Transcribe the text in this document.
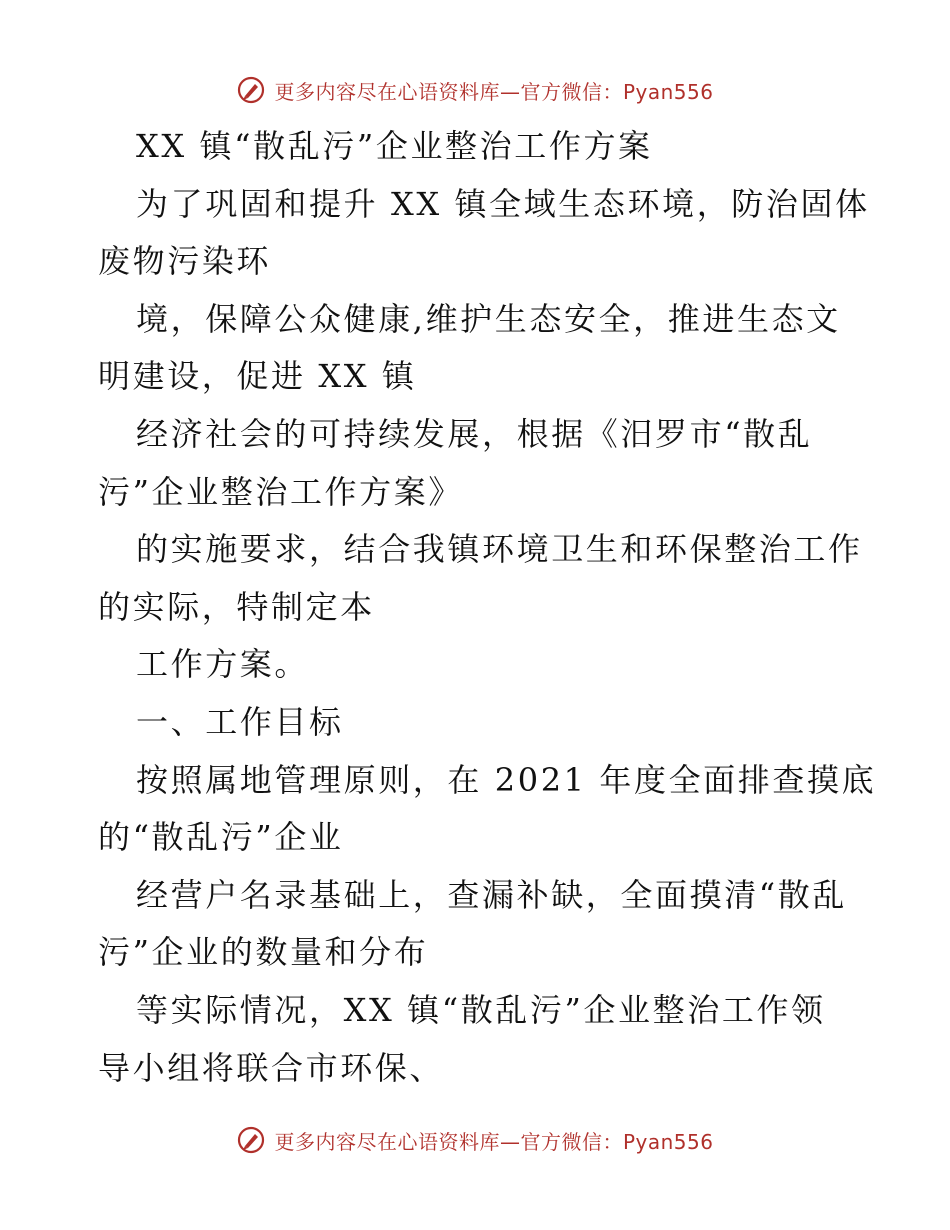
更多内容尽在心语资料库—官方微信：Pyan556
XX 镇“散乱污”企业整治工作方案
为了巩固和提升 XX 镇全域生态环境，防治固体
废物污染环
境，保障公众健康,维护生态安全，推进生态文
明建设，促进 XX 镇
经济社会的可持续发展，根据《汨罗市“散乱
污”企业整治工作方案》
的实施要求，结合我镇环境卫生和环保整治工作
的实际，特制定本
工作方案。
一、工作目标
按照属地管理原则，在 2021 年度全面排查摸底
的“散乱污”企业
经营户名录基础上，查漏补缺，全面摸清“散乱
污”企业的数量和分布
等实际情况，XX 镇“散乱污”企业整治工作领
导小组将联合市环保、
更多内容尽在心语资料库—官方微信：Pyan556
